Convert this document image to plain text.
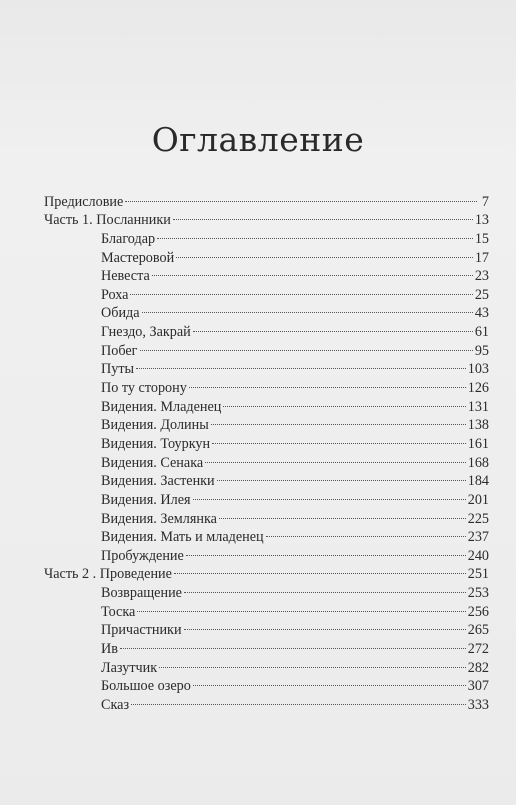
Оглавление
Предисловие	7
Часть 1. Посланники	13
Благодар	15
Мастеровой	17
Невеста	23
Роха	25
Обида	43
Гнездо, Закрай	61
Побег	95
Путы	103
По ту сторону	126
Видения. Младенец	131
Видения. Долины	138
Видения. Тоуркун	161
Видения. Сенака	168
Видения. Застенки	184
Видения. Илея	201
Видения. Землянка	225
Видения. Мать и младенец	237
Пробуждение	240
Часть 2 . Проведение	251
Возвращение	253
Тоска	256
Причастники	265
Ив	272
Лазутчик	282
Большое озеро	307
Сказ	333
